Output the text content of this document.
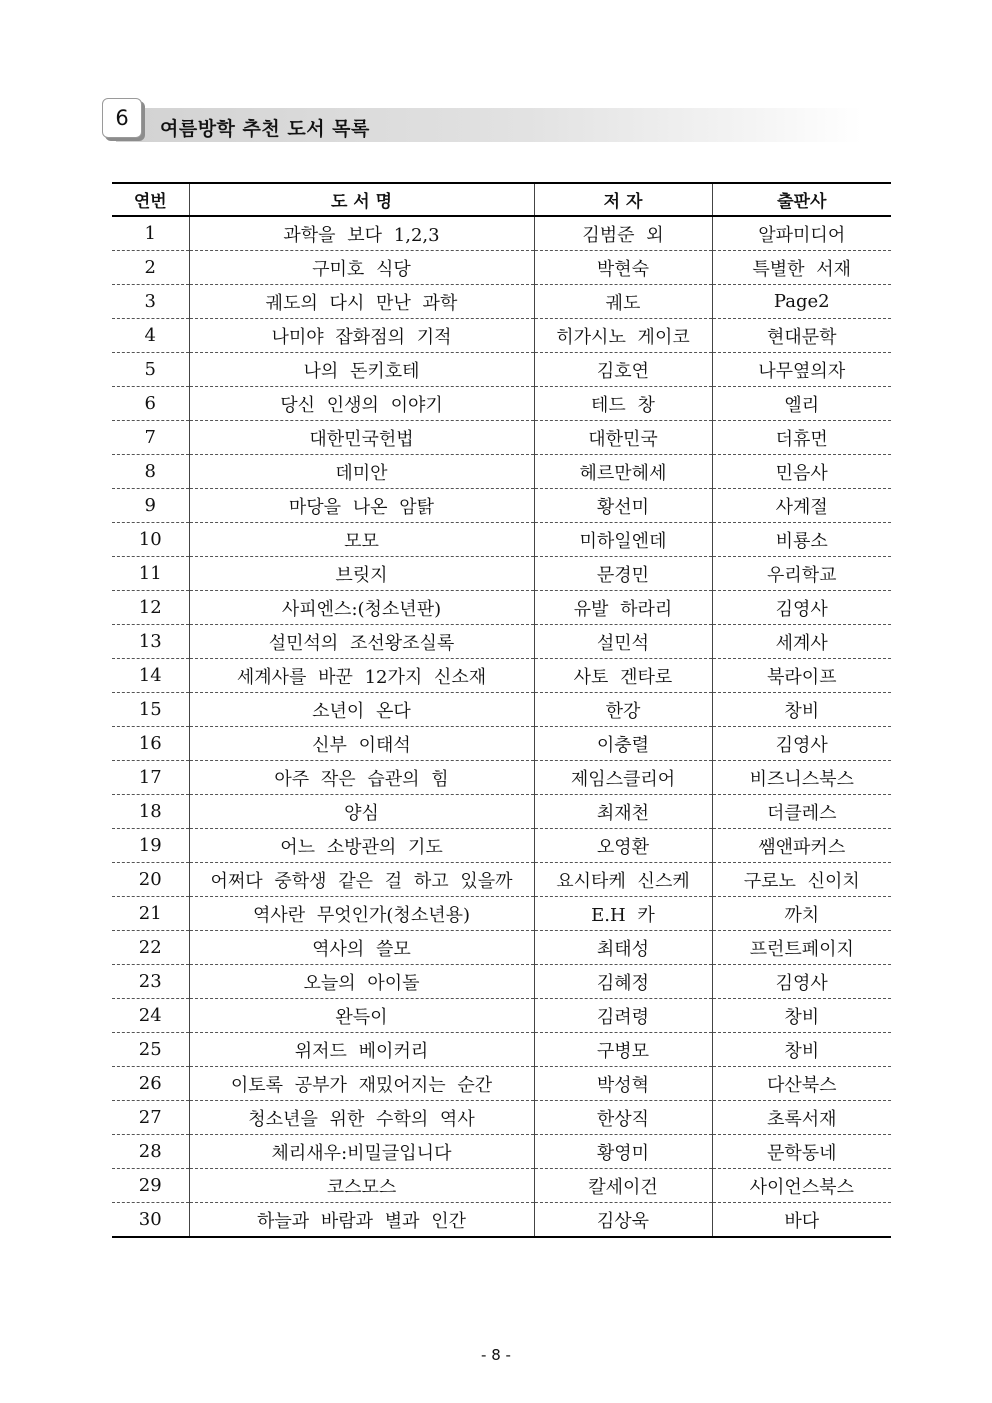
6	여름방학 추천 도서 목록
연번	도 서 명	저 자	출판사
1	과학을 보다 1,2,3	김범준 외	알파미디어
2	구미호 식당	박현숙	특별한 서재
3	궤도의 다시 만난 과학	궤도	Page2
4	나미야 잡화점의 기적	히가시노 게이코	현대문학
5	나의 돈키호테	김호연	나무옆의자
6	당신 인생의 이야기	테드 창	엘리
7	대한민국헌법	대한민국	더휴먼
8	데미안	헤르만헤세	민음사
9	마당을 나온 암탉	황선미	사계절
10	모모	미하일엔데	비룡소
11	브릿지	문경민	우리학교
12	사피엔스:(청소년판)	유발 하라리	김영사
13	설민석의 조선왕조실록	설민석	세계사
14	세계사를 바꾼 12가지 신소재	사토 겐타로	북라이프
15	소년이 온다	한강	창비
16	신부 이태석	이충렬	김영사
17	아주 작은 습관의 힘	제임스클리어	비즈니스북스
18	양심	최재천	더클레스
19	어느 소방관의 기도	오영환	쌤앤파커스
20	어쩌다 중학생 같은 걸 하고 있을까	요시타케 신스케	구로노 신이치
21	역사란 무엇인가(청소년용)	E.H 카	까치
22	역사의 쓸모	최태성	프런트페이지
23	오늘의 아이돌	김혜정	김영사
24	완득이	김려령	창비
25	위저드 베이커리	구병모	창비
26	이토록 공부가 재밌어지는 순간	박성혁	다산북스
27	청소년을 위한 수학의 역사	한상직	초록서재
28	체리새우:비밀글입니다	황영미	문학동네
29	코스모스	칼세이건	사이언스북스
30	하늘과 바람과 별과 인간	김상욱	바다
- 8 -
